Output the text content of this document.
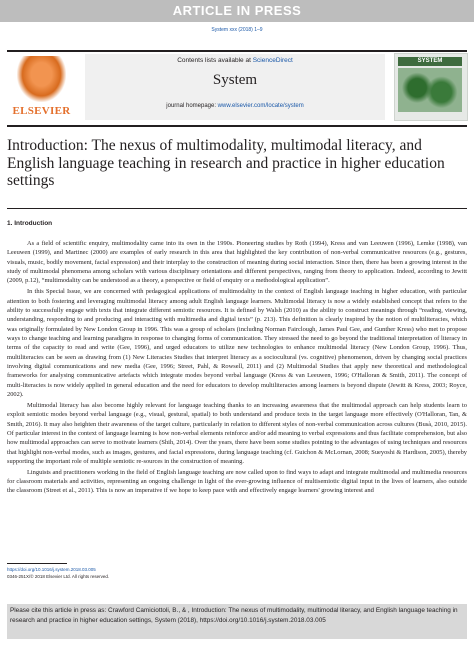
ARTICLE IN PRESS
System xxx (2018) 1–9
ELSEVIER
Contents lists available at ScienceDirect
System
journal homepage: www.elsevier.com/locate/system
SYSTEM
Introduction: The nexus of multimodality, multimodal literacy, and English language teaching in research and practice in higher education settings
1. Introduction

As a field of scientific enquiry, multimodality came into its own in the 1990s. Pioneering studies by Roth (1994), Kress and van Leeuwen (1996), Lemke (1998), van Leeuwen (1999), and Martinec (2000) are examples of early research in this area that highlighted the key contribution of non-verbal communicative resources (e.g., gestures, visuals, music, bodily movement, facial expression) and their interplay to the construction of meaning during social interaction. Since then, there has been a growing interest in the study of multimodal phenomena among scholars with various disciplinary orientations and different perspectives, ranging from theory to application. Indeed, according to Jewitt (2009, p.12), “multimodality can be understood as a theory, a perspective or field of enquiry or a methodological application”.

In this Special Issue, we are concerned with pedagogical applications of multimodality in the context of English language teaching in higher education, with particular attention to both fostering and leveraging multimodal literacy among adult English language learners. Multimodal literacy is now a widely established concept that refers to the ability to successfully engage with texts that integrate different semiotic resources. It is defined by Walsh (2010) as the ability to construct meanings through “reading, viewing, understanding, responding to and producing and interacting with multimedia and digital texts” (p. 213). This definition is clearly inspired by the notion of multiliteracies, which was originally formulated by New London Group in 1996. This was a group of scholars (including Norman Fairclough, James Paul Gee, and Gunther Kress) who met to propose ways to change teaching and learning paradigms in response to changing forms of communication. They stressed the need to go beyond the traditional interpretation of literacy in terms of the capacity to read and write (Gee, 1996), and urged educators to utilize new technologies to enhance multimodal literacy (New London Group, 1996). Thus, multiliteracies can be seen as drawing from (1) New Literacies Studies that interpret literacy as a sociocultural (vs. cognitive) phenomenon, driven by changing social practices involving digital communications and new media (Gee, 1996; Street, Pahl, & Rowsell, 2011) and (2) Multimodal Studies that apply new theoretical and methodological frameworks for analysing communicative artefacts which integrate modes beyond verbal language (Kress & van Leeuwen, 1996; O'Halloran & Smith, 2011). The concept of multi-literacies is now widely applied in general education and the need for educators to develop multiliteracies among learners is beyond dispute (Jewitt & Kress, 2003; Royce, 2002).

Multimodal literacy has also become highly relevant for language teaching thanks to an increasing awareness that the multimodal approach can help students learn to exploit semiotic modes beyond verbal language (e.g., visual, gestural, spatial) to both understand and produce texts in the target language more effectively (O'Halloran, Tan, & Smith, 2016). It may also heighten their awareness of the target culture, particularly in relation to different styles of non-verbal communication across cultures (Busà, 2010, 2015). Of particular interest in the context of language learning is how non-verbal elements reinforce and/or add meaning to verbal expressions and thus facilitate comprehension, but also how multimodal approaches can serve to motivate learners (Shih, 2014). Over the years, there have been some studies pointing to the advantages of using techniques and resources that highlight non-verbal modes, such as images, gestures, and facial expressions, during language teaching (cf. Guichon & McLornan, 2008; Sueyoshi & Hardison, 2005), thereby supporting the important role of multiple semiotic re-sources in the construction of meaning.

Linguists and practitioners working in the field of English language teaching are now called upon to find ways to adapt and integrate multimodal and multimedia resources for classroom materials and activities, representing an ongoing challenge in light of the ever-growing influence of multisemiotic digital input in the lives of learners, also outside the classroom (Street et al., 2011). This is now an imperative if we hope to keep pace with and effectively engage learners' growing interest and

https://doi.org/10.1016/j.system.2018.03.005
0346-251X/© 2018 Elsevier Ltd. All rights reserved.
Please cite this article in press as: Crawford Camiciottoli, B., & , Introduction: The nexus of multimodality, multimodal literacy, and English language teaching in research and practice in higher education settings, System (2018), https://doi.org/10.1016/j.system.2018.03.005
